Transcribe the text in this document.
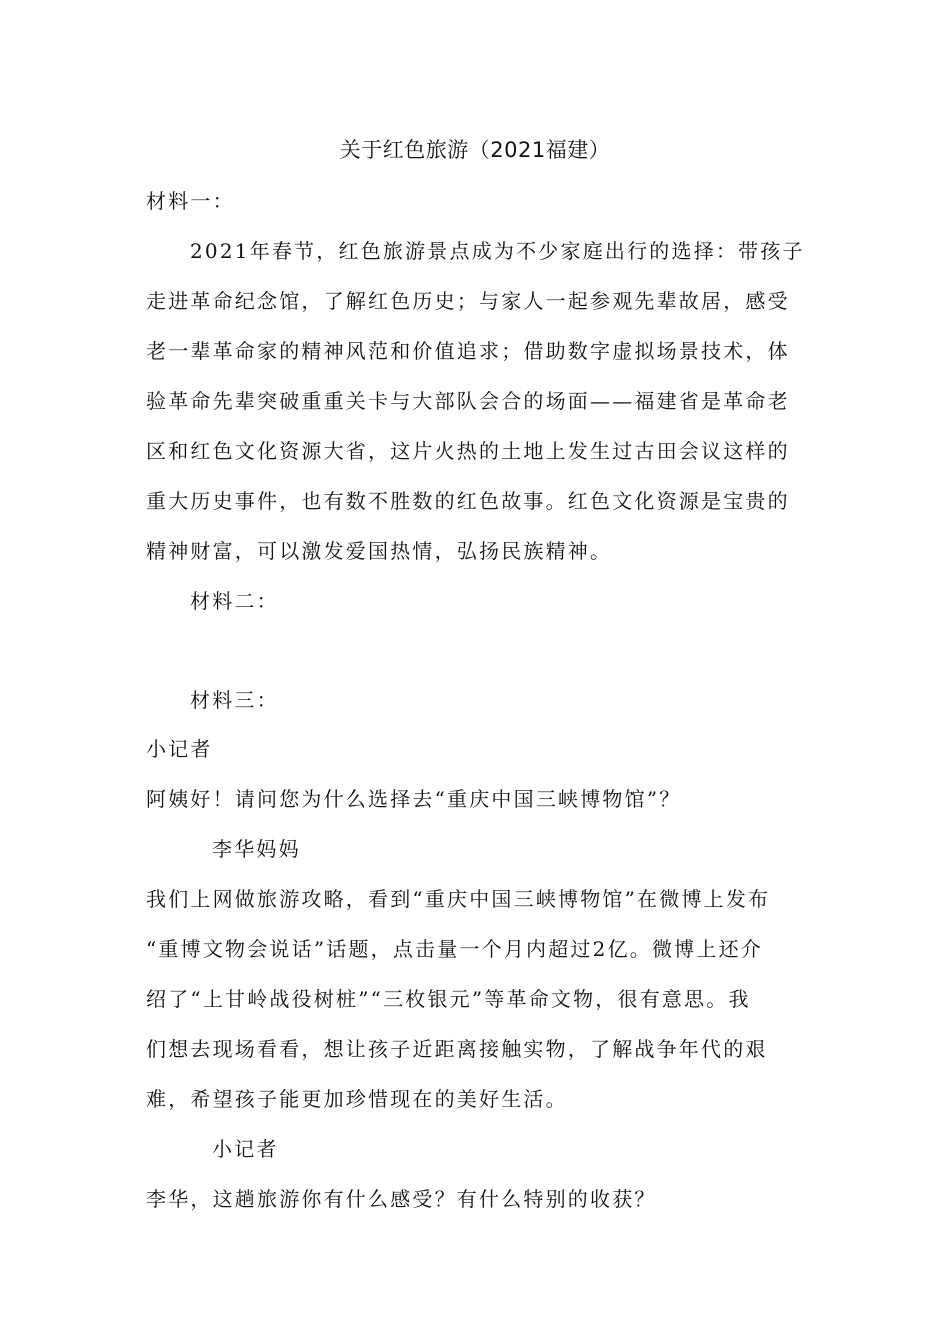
关于红色旅游（2021福建）
材料一：
2021年春节，红色旅游景点成为不少家庭出行的选择：带孩子
走进革命纪念馆，了解红色历史；与家人一起参观先辈故居，感受
老一辈革命家的精神风范和价值追求；借助数字虚拟场景技术，体
验革命先辈突破重重关卡与大部队会合的场面——福建省是革命老
区和红色文化资源大省，这片火热的土地上发生过古田会议这样的
重大历史事件，也有数不胜数的红色故事。红色文化资源是宝贵的
精神财富，可以激发爱国热情，弘扬民族精神。
材料二：
材料三：
小记者
阿姨好！请问您为什么选择去“重庆中国三峡博物馆”？
李华妈妈
我们上网做旅游攻略，看到“重庆中国三峡博物馆”在微博上发布
“重博文物会说话”话题，点击量一个月内超过2亿。微博上还介
绍了“上甘岭战役树桩”“三枚银元”等革命文物，很有意思。我
们想去现场看看，想让孩子近距离接触实物，了解战争年代的艰
难，希望孩子能更加珍惜现在的美好生活。
小记者
李华，这趟旅游你有什么感受？有什么特别的收获？
